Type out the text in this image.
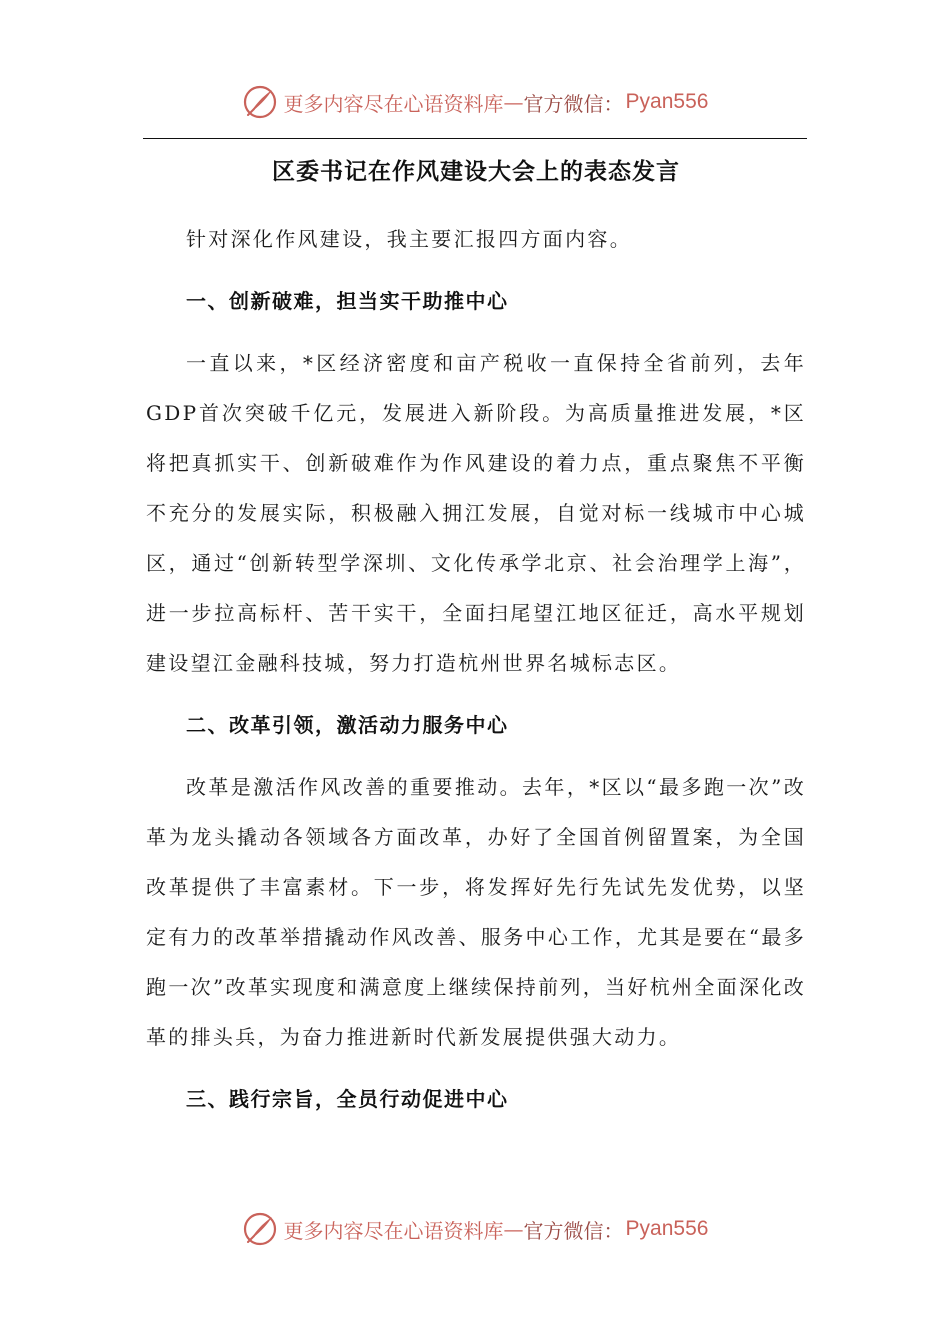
更多内容尽在心语资料库 — 官方微信： Pyan556
区委书记在作风建设大会上的表态发言

针对深化作风建设，我主要汇报四方面内容。

一、创新破难，担当实干助推中心

一直以来，*区经济密度和亩产税收一直保持全省前列，去年GDP首次突破千亿元，发展进入新阶段。为高质量推进发展，*区将把真抓实干、创新破难作为作风建设的着力点，重点聚焦不平衡不充分的发展实际，积极融入拥江发展，自觉对标一线城市中心城区，通过“创新转型学深圳、文化传承学北京、社会治理学上海”，进一步拉高标杆、苦干实干，全面扫尾望江地区征迁，高水平规划建设望江金融科技城，努力打造杭州世界名城标志区。

二、改革引领，激活动力服务中心

改革是激活作风改善的重要推动。去年，*区以“最多跑一次”改革为龙头撬动各领域各方面改革，办好了全国首例留置案，为全国改革提供了丰富素材。下一步，将发挥好先行先试先发优势，以坚定有力的改革举措撬动作风改善、服务中心工作，尤其是要在“最多跑一次”改革实现度和满意度上继续保持前列，当好杭州全面深化改革的排头兵，为奋力推进新时代新发展提供强大动力。

三、践行宗旨，全员行动促进中心

更多内容尽在心语资料库 — 官方微信： Pyan556
